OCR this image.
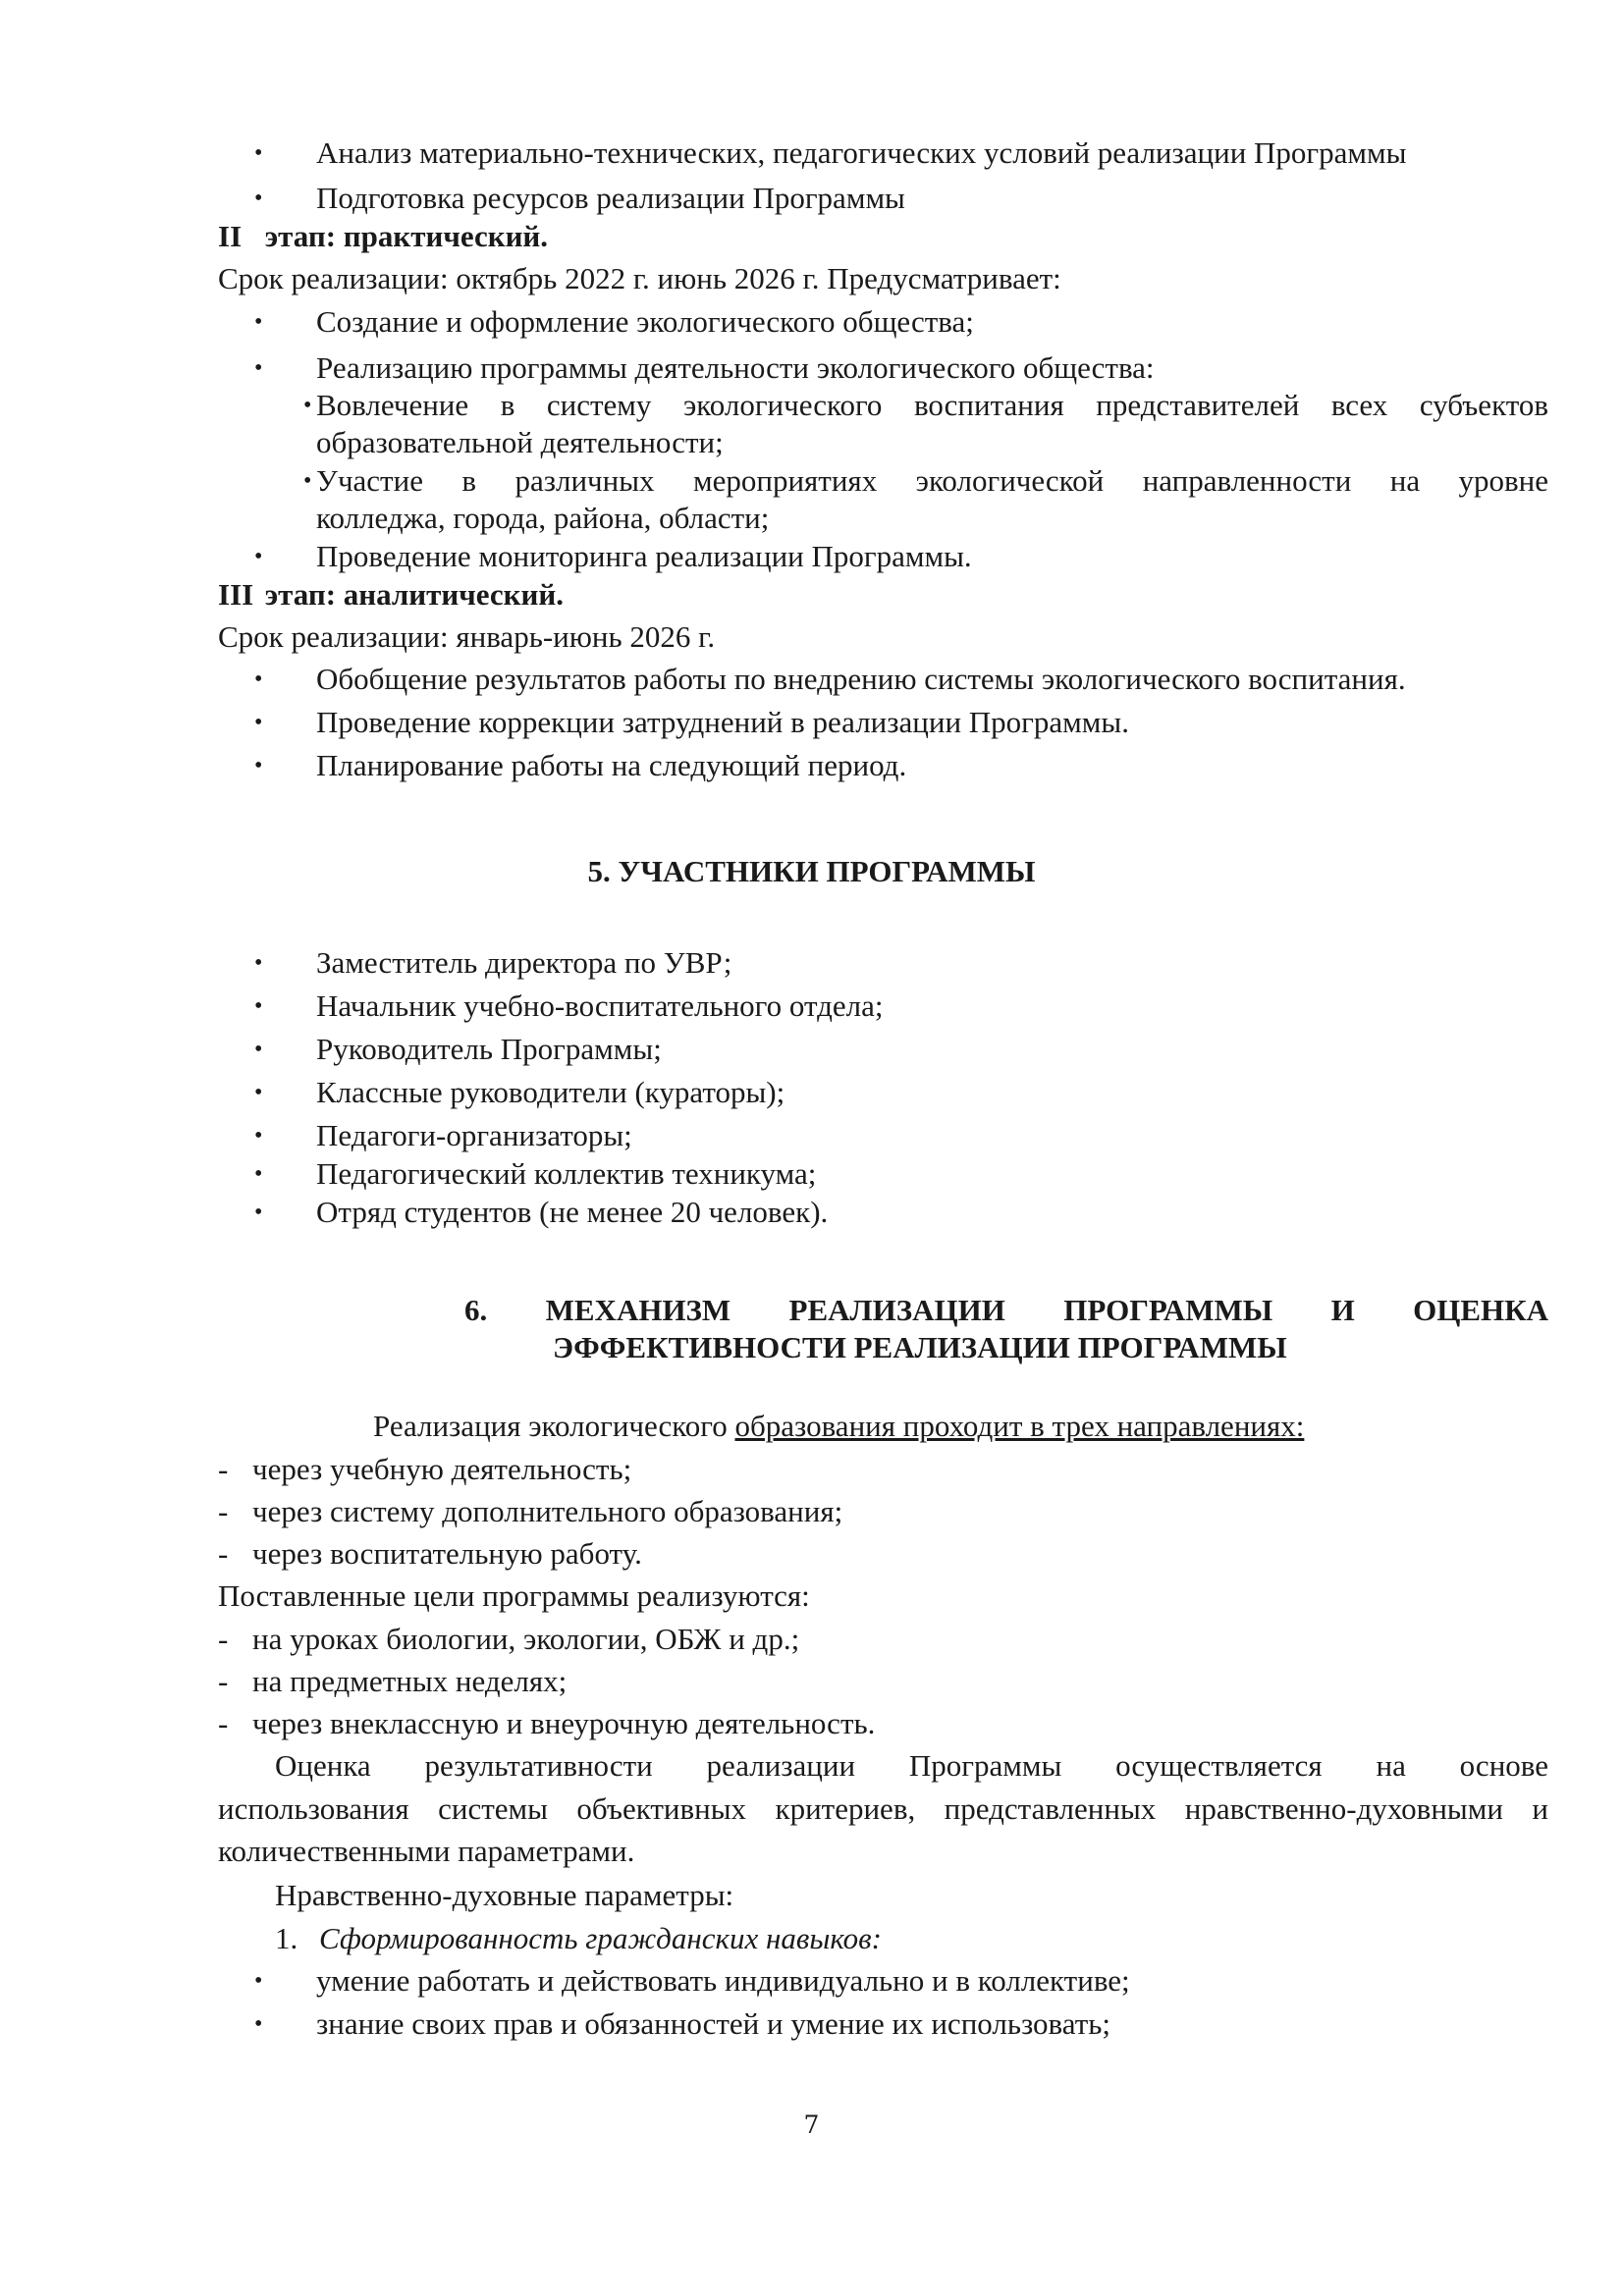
• Анализ материально-технических, педагогических условий реализации Программы
• Подготовка ресурсов реализации Программы
II этап: практический.
Срок реализации: октябрь 2022 г. июнь 2026 г. Предусматривает:
• Создание и оформление экологического общества;
• Реализацию программы деятельности экологического общества:
• Вовлечение в систему экологического воспитания представителей всех субъектов
образовательной деятельности;
• Участие в различных мероприятиях экологической направленности на уровне
колледжа, города, района, области;
• Проведение мониторинга реализации Программы.
III этап: аналитический.
Срок реализации: январь-июнь 2026 г.
• Обобщение результатов работы по внедрению системы экологического воспитания.
• Проведение коррекции затруднений в реализации Программы.
• Планирование работы на следующий период.
5. УЧАСТНИКИ ПРОГРАММЫ
• Заместитель директора по УВР;
• Начальник учебно-воспитательного отдела;
• Руководитель Программы;
• Классные руководители (кураторы);
• Педагоги-организаторы;
• Педагогический коллектив техникума;
• Отряд студентов (не менее 20 человек).
6. МЕХАНИЗМ РЕАЛИЗАЦИИ ПРОГРАММЫ И ОЦЕНКА
ЭФФЕКТИВНОСТИ РЕАЛИЗАЦИИ ПРОГРАММЫ
Реализация экологического образования проходит в трех направлениях:
- через учебную деятельность;
- через систему дополнительного образования;
- через воспитательную работу.
Поставленные цели программы реализуются:
- на уроках биологии, экологии, ОБЖ и др.;
- на предметных неделях;
- через внеклассную и внеурочную деятельность.
Оценка результативности реализации Программы осуществляется на основе
использования системы объективных критериев, представленных нравственно-духовными и
количественными параметрами.
Нравственно-духовные параметры:
1. Сформированность гражданских навыков:
• умение работать и действовать индивидуально и в коллективе;
• знание своих прав и обязанностей и умение их использовать;
7
